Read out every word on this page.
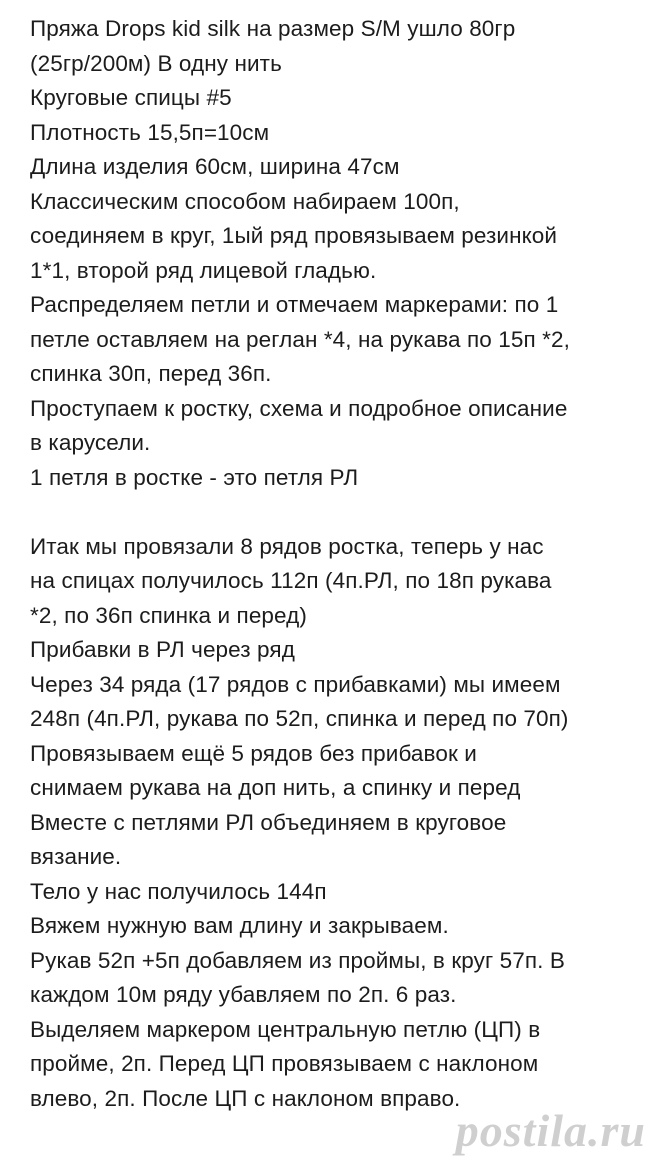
Пряжа Drops kid silk на размер S/M ушло 80гр
(25гр/200м) В одну нить
Круговые спицы #5
Плотность 15,5п=10см
Длина изделия 60см, ширина 47см
Классическим способом набираем 100п,
соединяем в круг, 1ый ряд провязываем резинкой
1*1, второй ряд лицевой гладью.
Распределяем петли и отмечаем маркерами: по 1
петле оставляем на реглан *4, на рукава по 15п *2,
спинка 30п, перед 36п.
Проступаем к ростку, схема и подробное описание
в карусели.
1 петля в ростке - это петля РЛ
Итак мы провязали 8 рядов ростка, теперь у нас
на спицах получилось 112п (4п.РЛ, по 18п рукава
*2, по 36п спинка и перед)
Прибавки в РЛ через ряд
Через 34 ряда (17 рядов с прибавками) мы имеем
248п (4п.РЛ, рукава по 52п, спинка и перед по 70п)
Провязываем ещё 5 рядов без прибавок и
снимаем рукава на доп нить, а спинку и перед
Вместе с петлями РЛ объединяем в круговое
вязание.
Тело у нас получилось 144п
Вяжем нужную вам длину и закрываем.
Рукав 52п +5п добавляем из проймы, в круг 57п. В
каждом 10м ряду убавляем по 2п. 6 раз.
Выделяем маркером центральную петлю (ЦП) в
пройме, 2п. Перед ЦП провязываем с наклоном
влево, 2п. После ЦП с наклоном вправо.
postila.ru
